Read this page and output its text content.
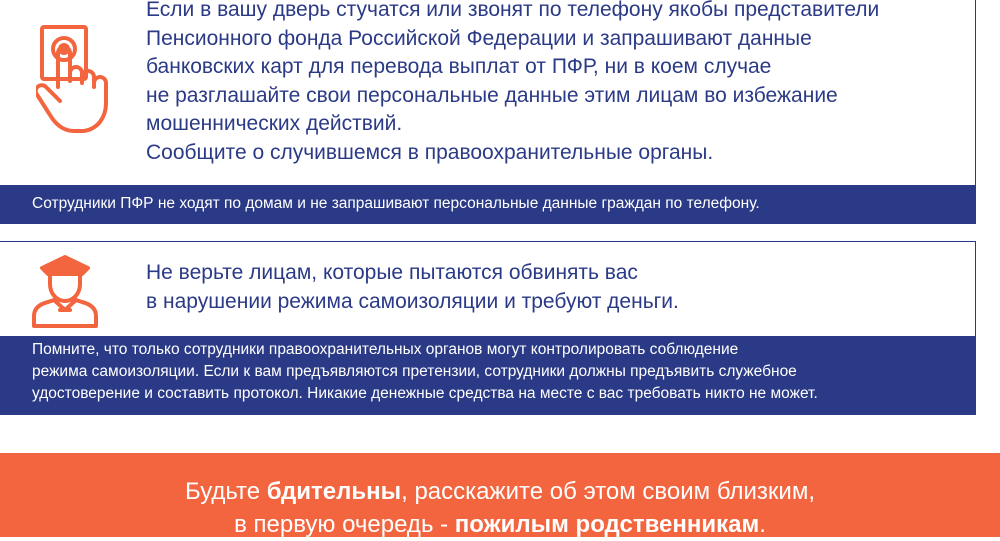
Если в вашу дверь стучатся или звонят по телефону якобы представители
Пенсионного фонда Российской Федерации и запрашивают данные
банковских карт для перевода выплат от ПФР, ни в коем случае
не разглашайте свои персональные данные этим лицам во избежание
мошеннических действий.
Сообщите о случившемся в правоохранительные органы.
Сотрудники ПФР не ходят по домам и не запрашивают персональные данные граждан по телефону.
Не верьте лицам, которые пытаются обвинять вас
в нарушении режима самоизоляции и требуют деньги.
Помните, что только сотрудники правоохранительных органов могут контролировать соблюдение
режима самоизоляции. Если к вам предъявляются претензии, сотрудники должны предъявить служебное
удостоверение и составить протокол. Никакие денежные средства на месте с вас требовать никто не может.
Будьте бдительны, расскажите об этом своим близким,
в первую очередь - пожилым родственникам.
